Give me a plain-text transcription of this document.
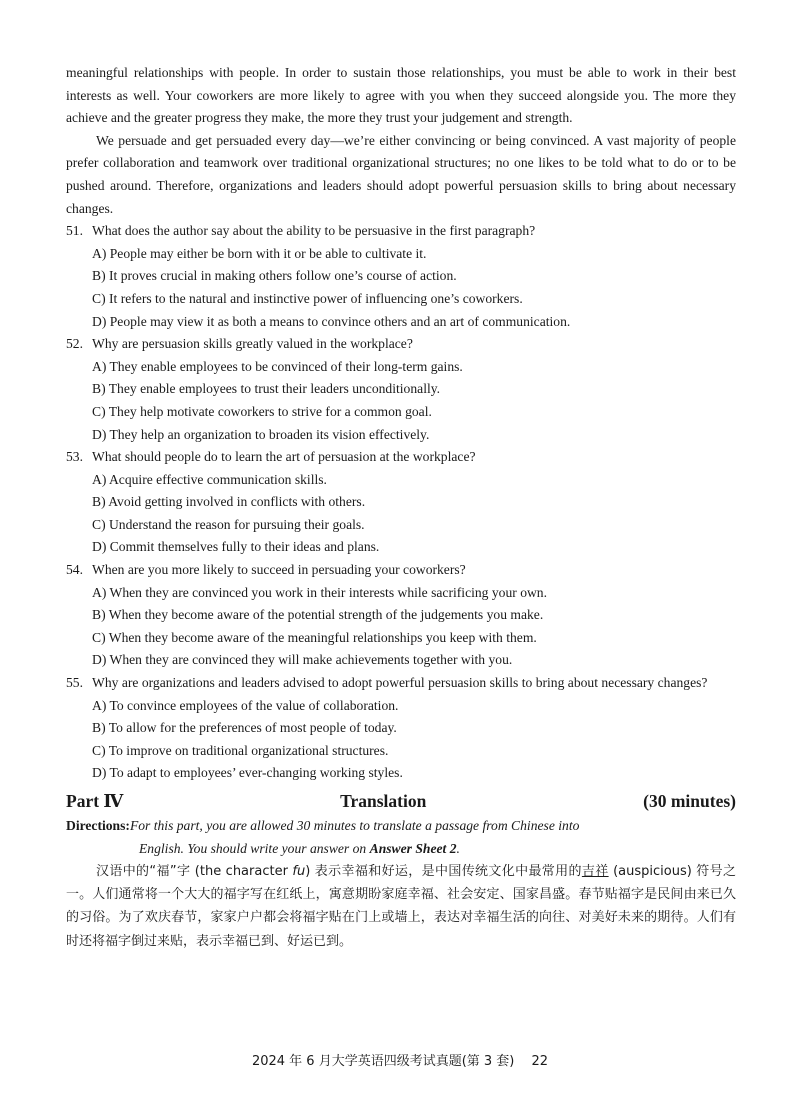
meaningful relationships with people. In order to sustain those relationships, you must be able to work in their best interests as well. Your coworkers are more likely to agree with you when they succeed alongside you. The more they achieve and the greater progress they make, the more they trust your judgement and strength.

We persuade and get persuaded every day—we’re either convincing or being convinced. A vast majority of people prefer collaboration and teamwork over traditional organizational structures; no one likes to be told what to do or to be pushed around. Therefore, organizations and leaders should adopt powerful persuasion skills to bring about necessary changes.

51. What does the author say about the ability to be persuasive in the first paragraph?
A) People may either be born with it or be able to cultivate it.
B) It proves crucial in making others follow one’s course of action.
C) It refers to the natural and instinctive power of influencing one’s coworkers.
D) People may view it as both a means to convince others and an art of communication.
52. Why are persuasion skills greatly valued in the workplace?
A) They enable employees to be convinced of their long-term gains.
B) They enable employees to trust their leaders unconditionally.
C) They help motivate coworkers to strive for a common goal.
D) They help an organization to broaden its vision effectively.
53. What should people do to learn the art of persuasion at the workplace?
A) Acquire effective communication skills.
B) Avoid getting involved in conflicts with others.
C) Understand the reason for pursuing their goals.
D) Commit themselves fully to their ideas and plans.
54. When are you more likely to succeed in persuading your coworkers?
A) When they are convinced you work in their interests while sacrificing your own.
B) When they become aware of the potential strength of the judgements you make.
C) When they become aware of the meaningful relationships you keep with them.
D) When they are convinced they will make achievements together with you.
55. Why are organizations and leaders advised to adopt powerful persuasion skills to bring about necessary changes?
A) To convince employees of the value of collaboration.
B) To allow for the preferences of most people of today.
C) To improve on traditional organizational structures.
D) To adapt to employees’ ever-changing working styles.
Part Ⅳ	Translation	(30 minutes)
Directions:For this part, you are allowed 30 minutes to translate a passage from Chinese into
English. You should write your answer on Answer Sheet 2.

汉语中的“福”字 (the character fu) 表示幸福和好运，是中国传统文化中最常用的吉祥 (auspicious) 符号之一。人们通常将一个大大的福字写在红纸上，寓意期盼家庭幸福、社会安定、国家昌盛。春节贴福字是民间由来已久的习俗。为了欢庆春节，家家户户都会将福字贴在门上或墙上，表达对幸福生活的向往、对美好未来的期待。人们有时还将福字倒过来贴，表示幸福已到、好运已到。

2024 年 6 月大学英语四级考试真题(第 3 套)　 22
